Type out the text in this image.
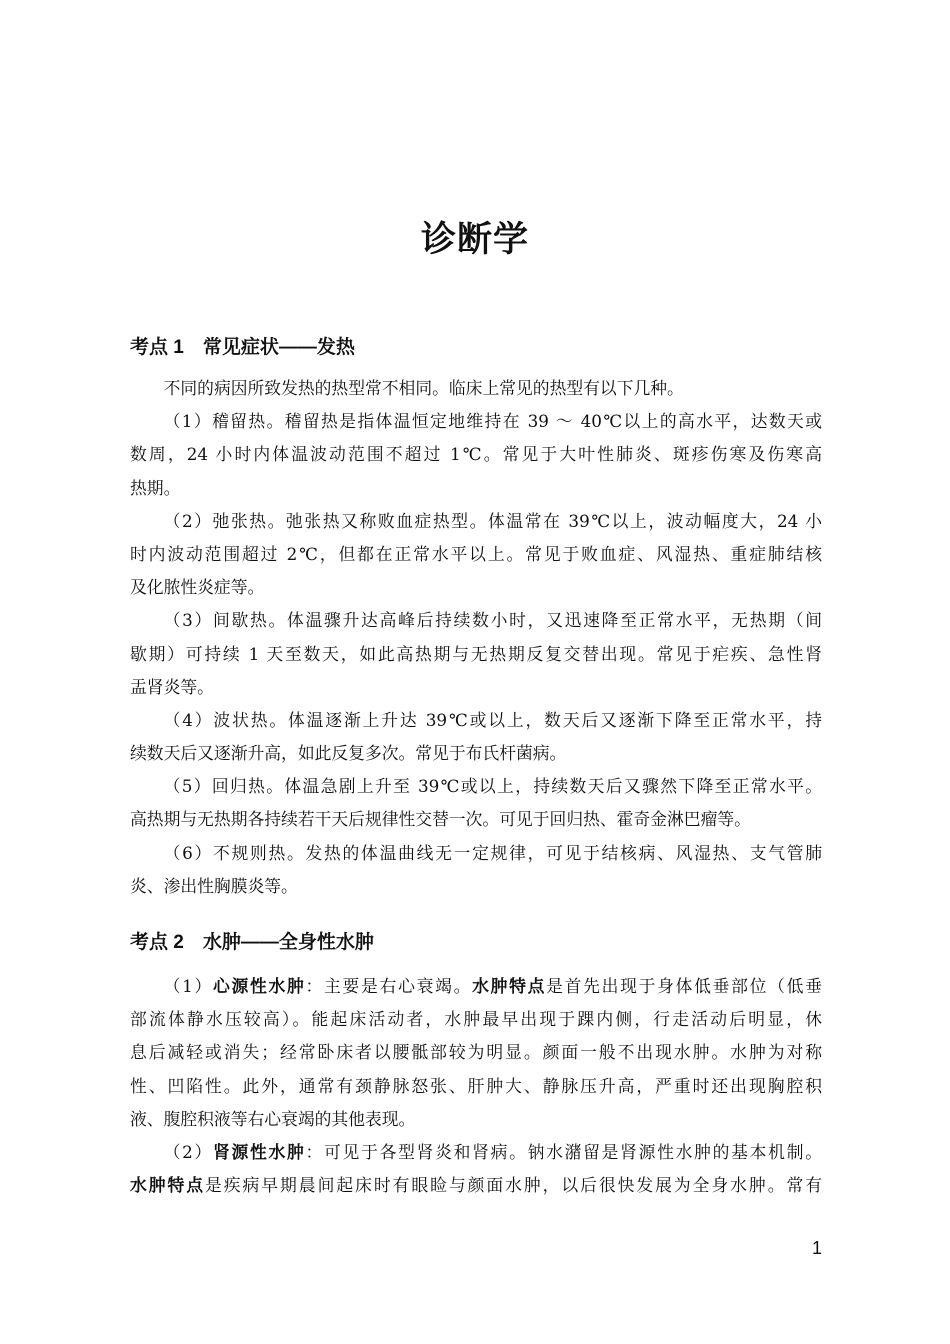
诊断学
考点 1　常见症状——发热
不同的病因所致发热的热型常不相同。临床上常见的热型有以下几种。
（1）稽留热。稽留热是指体温恒定地维持在 39 ～ 40℃以上的高水平，达数天或
数周，24 小时内体温波动范围不超过 1℃。常见于大叶性肺炎、斑疹伤寒及伤寒高
热期。
（2）弛张热。弛张热又称败血症热型。体温常在 39℃以上，波动幅度大，24 小
时内波动范围超过 2℃，但都在正常水平以上。常见于败血症、风湿热、重症肺结核
及化脓性炎症等。
（3）间歇热。体温骤升达高峰后持续数小时，又迅速降至正常水平，无热期（间
歇期）可持续 1 天至数天，如此高热期与无热期反复交替出现。常见于疟疾、急性肾
盂肾炎等。
（4）波状热。体温逐渐上升达 39℃或以上，数天后又逐渐下降至正常水平，持
续数天后又逐渐升高，如此反复多次。常见于布氏杆菌病。
（5）回归热。体温急剧上升至 39℃或以上，持续数天后又骤然下降至正常水平。
高热期与无热期各持续若干天后规律性交替一次。可见于回归热、霍奇金淋巴瘤等。
（6）不规则热。发热的体温曲线无一定规律，可见于结核病、风湿热、支气管肺
炎、渗出性胸膜炎等。
考点 2　水肿——全身性水肿
（1）心源性水肿：主要是右心衰竭。水肿特点是首先出现于身体低垂部位（低垂
部流体静水压较高）。能起床活动者，水肿最早出现于踝内侧，行走活动后明显，休
息后减轻或消失；经常卧床者以腰骶部较为明显。颜面一般不出现水肿。水肿为对称
性、凹陷性。此外，通常有颈静脉怒张、肝肿大、静脉压升高，严重时还出现胸腔积
液、腹腔积液等右心衰竭的其他表现。
（2）肾源性水肿：可见于各型肾炎和肾病。钠水潴留是肾源性水肿的基本机制。
水肿特点是疾病早期晨间起床时有眼睑与颜面水肿，以后很快发展为全身水肿。常有
1
